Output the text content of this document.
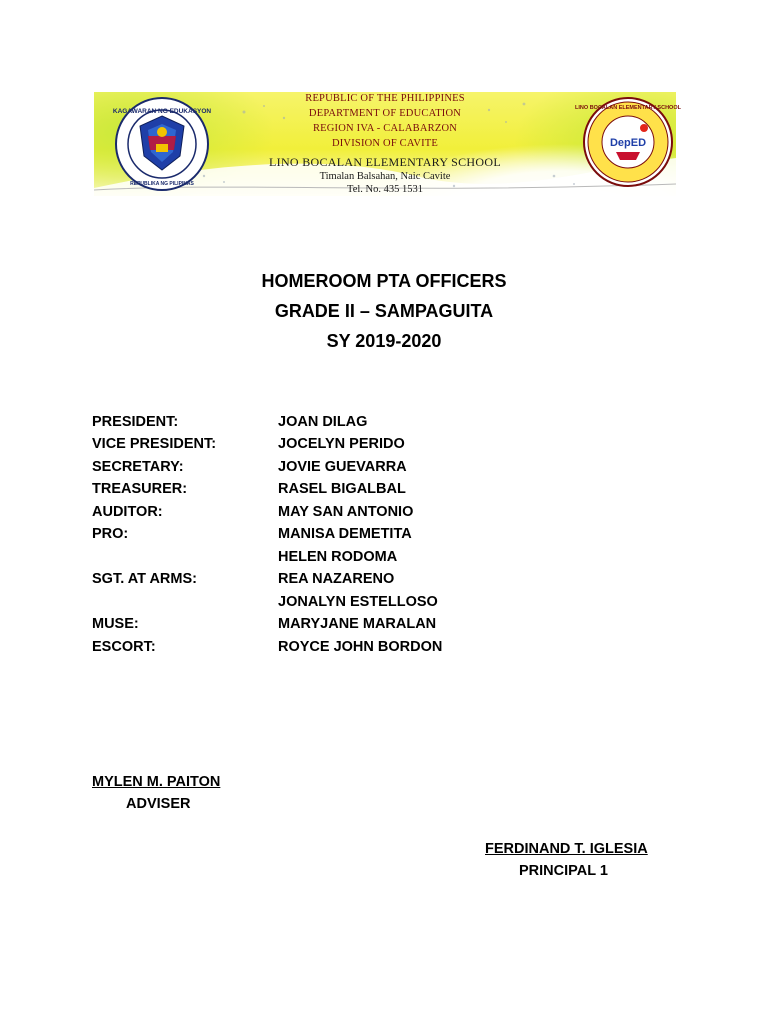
KAGAWARAN NG EDUKASYON
REPUBLIKA NG PILIPINAS
LINO BOCALAN ELEMENTARY SCHOOL
DepED
REPUBLIC OF THE PHILIPPINES
DEPARTMENT OF EDUCATION
REGION IVA - CALABARZON
DIVISION OF CAVITE
LINO BOCALAN ELEMENTARY SCHOOL
Timalan Balsahan, Naic Cavite
Tel. No. 435 1531
HOMEROOM PTA OFFICERS
GRADE II – SAMPAGUITA
SY 2019-2020
PRESIDENT:	JOAN DILAG
VICE PRESIDENT:	JOCELYN PERIDO
SECRETARY:	JOVIE GUEVARRA
TREASURER:	RASEL BIGALBAL
AUDITOR:	MAY SAN ANTONIO
PRO:	MANISA DEMETITA
HELEN RODOMA
SGT. AT ARMS:	REA NAZARENO
JONALYN ESTELLOSO
MUSE:	MARYJANE MARALAN
ESCORT:	ROYCE JOHN BORDON
MYLEN M. PAITON
ADVISER
FERDINAND T. IGLESIA
PRINCIPAL 1
